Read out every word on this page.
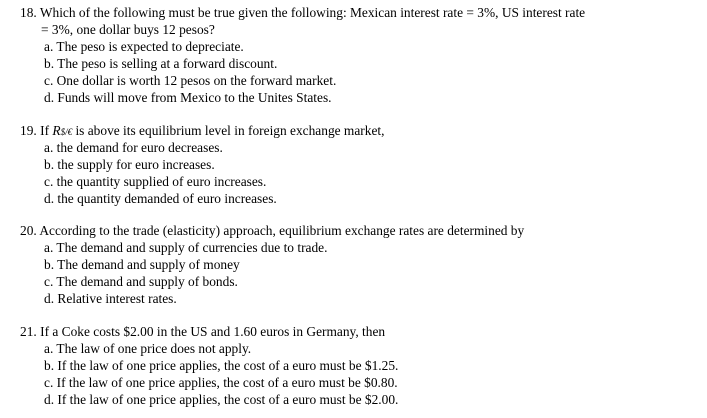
18. Which of the following must be true given the following: Mexican interest rate = 3%, US interest rate
= 3%, one dollar buys 12 pesos?
a. The peso is expected to depreciate.
b. The peso is selling at a forward discount.
c. One dollar is worth 12 pesos on the forward market.
d. Funds will move from Mexico to the Unites States.
19. If R$/€ is above its equilibrium level in foreign exchange market,
a. the demand for euro decreases.
b. the supply for euro increases.
c. the quantity supplied of euro increases.
d. the quantity demanded of euro increases.
20. According to the trade (elasticity) approach, equilibrium exchange rates are determined by
a. The demand and supply of currencies due to trade.
b. The demand and supply of money
c. The demand and supply of bonds.
d. Relative interest rates.
21. If a Coke costs $2.00 in the US and 1.60 euros in Germany, then
a. The law of one price does not apply.
b. If the law of one price applies, the cost of a euro must be $1.25.
c. If the law of one price applies, the cost of a euro must be $0.80.
d. If the law of one price applies, the cost of a euro must be $2.00.
